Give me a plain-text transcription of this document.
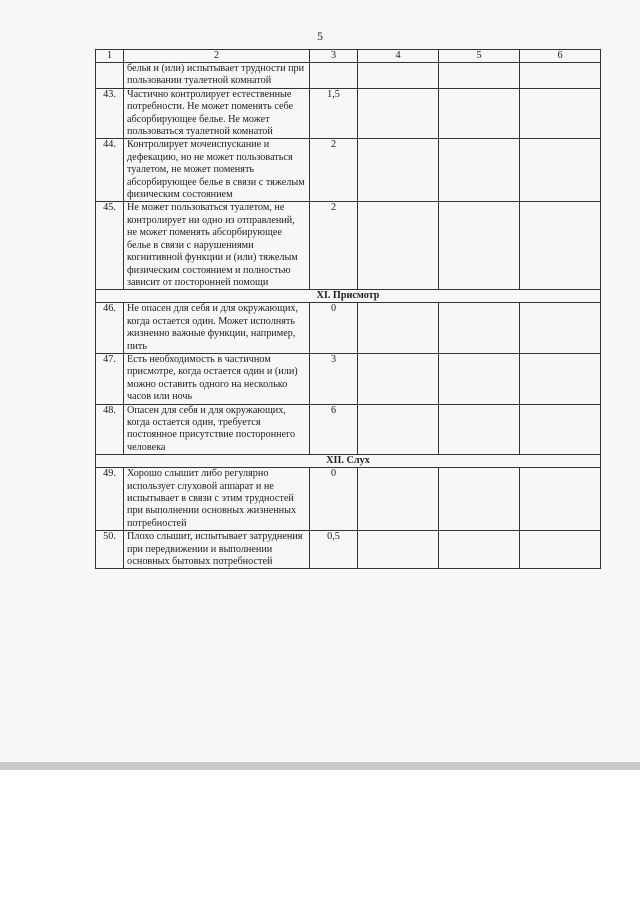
5
1	2	3	4	5	6
	белья и (или) испытывает трудности при пользовании туалетной комнатой				
43.	Частично контролирует естественные потребности. Не может поменять себе абсорбирующее белье. Не может пользоваться туалетной комнатой	1,5			
44.	Контролирует мочеиспускание и дефекацию, но не может пользоваться туалетом, не может поменять абсорбирующее белье в связи с тяжелым физическим состоянием	2			
45.	Не может пользоваться туалетом, не контролирует ни одно из отправлений, не может поменять абсорбирующее белье в связи с нарушениями когнитивной функции и (или) тяжелым физическим состоянием и полностью зависит от посторонней помощи	2			
XI. Присмотр					
46.	Не опасен для себя и для окружающих, когда остается один. Может исполнять жизненно важные функции, например, пить	0			
47.	Есть необходимость в частичном присмотре, когда остается один и (или) можно оставить одного на несколько часов или ночь	3			
48.	Опасен для себя и для окружающих, когда остается один, требуется постоянное присутствие постороннего человека	6			
XII. Слух					
49.	Хорошо слышит либо регулярно использует слуховой аппарат и не испытывает в связи с этим трудностей при выполнении основных жизненных потребностей	0			
50.	Плохо слышит, испытывает затруднения при передвижении и выполнении основных бытовых потребностей	0,5			
